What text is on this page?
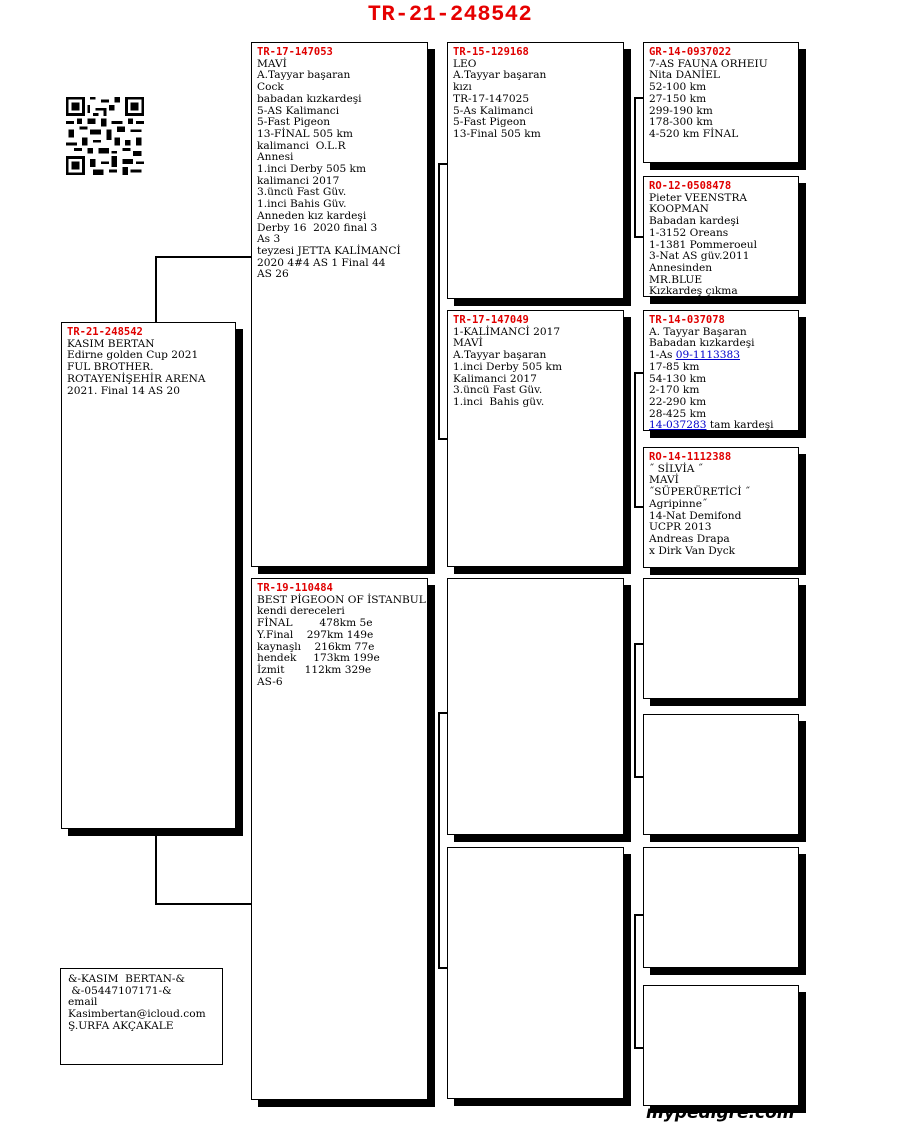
TR-21-248542
TR-21-248542
KASIM BERTAN
Edirne golden Cup 2021
FUL BROTHER.
ROTAYENİŞEHİR ARENA
2021. Final 14 AS 20
TR-17-147053
MAVİ
A.Tayyar başaran
Cock
babadan kızkardeşi
5-AS Kalimanci
5-Fast Pigeon
13-FİNAL 505 km
kalimanci  O.L.R
Annesi
1.inci Derby 505 km
kalimanci 2017
3.üncü Fast Güv.
1.inci Bahis Güv.
Anneden kız kardeşi
Derby 16  2020 final 3
As 3
teyzesi JETTA KALİMANCİ
2020 4#4 AS 1 Final 44
AS 26
TR-19-110484
BEST PİGEOON OF İSTANBUL
kendi dereceleri
FİNAL        478km 5e
Y.Final    297km 149e
kaynaşlı    216km 77e
hendek     173km 199e
İzmit      112km 329e
AS-6
TR-15-129168
LEO
A.Tayyar başaran
kızı
TR-17-147025
5-As Kalimanci
5-Fast Pigeon
13-Final 505 km
TR-17-147049
1-KALİMANCİ 2017
MAVİ
A.Tayyar başaran
1.inci Derby 505 km
Kalimanci 2017
3.üncü Fast Güv.
1.inci  Bahis güv.
GR-14-0937022
7-AS FAUNA ORHEIU
Nita DANİEL
52-100 km
27-150 km
299-190 km
178-300 km
4-520 km FİNAL
RO-12-0508478
Pieter VEENSTRA
KOOPMAN
Babadan kardeşi
1-3152 Oreans
1-1381 Pommeroeul
3-Nat AS güv.2011
Annesinden
MR.BLUE
Kızkardeş çıkma
TR-14-037078
A. Tayyar Başaran
Babadan kızkardeşi
1-As 09-1113383
17-85 km
54-130 km
2-170 km
22-290 km
28-425 km
14-037283 tam kardeşi
RO-14-1112388
˝ SİLVİA ˝
MAVİ
˝SÜPERÜRETİCİ ˝
Agripinne˝
14-Nat Demifond
UCPR 2013
Andreas Drapa
x Dirk Van Dyck
&-KASIM  BERTAN-&
&-05447107171-&
email
Kasimbertan@icloud.com
Ş.URFA AKÇAKALE
mypedigre.com
